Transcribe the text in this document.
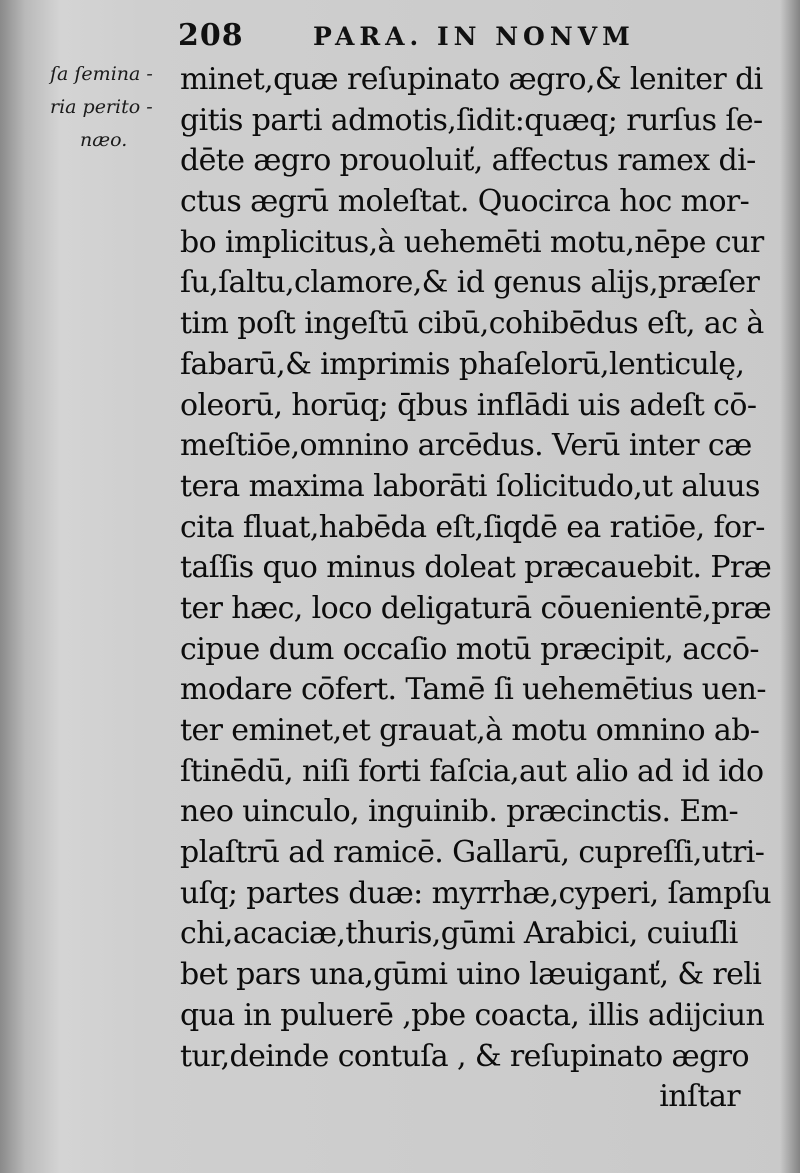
208	PARA. IN NONVM
ſa ſemina -
ria perito -
næo.
minet,quæ reſupinato ægro,& leniter di
gitis parti admotis,ſidit:quæq; rurſus ſe-
dēte ægro prouoluiť, affectus ramex di-
ctus ægrū moleſtat. Quocirca hoc mor-
bo implicitus,à uehemēti motu,nēpe cur
ſu,ſaltu,clamore,& id genus alijs,præſer
tim poſt ingeſtū cibū,cohibēdus eſt, ac à
fabarū,& imprimis phaſelorū,lenticulę,
oleorū, horūq; q̄bus inflādi uis adeſt cō-
meſtiōe,omnino arcēdus. Verū inter cæ
tera maxima laborāti ſolicitudo,ut aluus
cita fluat,habēda eſt,ſiqdē ea ratiōe, for-
taſſis quo minus doleat præcauebit. Præ
ter hæc, loco deligaturā cōuenientē,præ
cipue dum occaſio motū præcipit, accō-
modare cōfert. Tamē ſi uehemētius uen-
ter eminet,et grauat,à motu omnino ab-
ſtinēdū, niſi forti faſcia,aut alio ad id ido
neo uinculo, inguinib. præcinctis. Em-
plaſtrū ad ramicē. Gallarū, cupreſſi,utri-
uſq; partes duæ: myrrhæ,cyperi, ſampſu
chi,acaciæ,thuris,gūmi Arabici, cuiuſli
bet pars una,gūmi uino læuiganť, & reli
qua in puluerē ,pbe coacta, illis adijciun
tur,deinde contuſa , & reſupinato ægro
inſtar
